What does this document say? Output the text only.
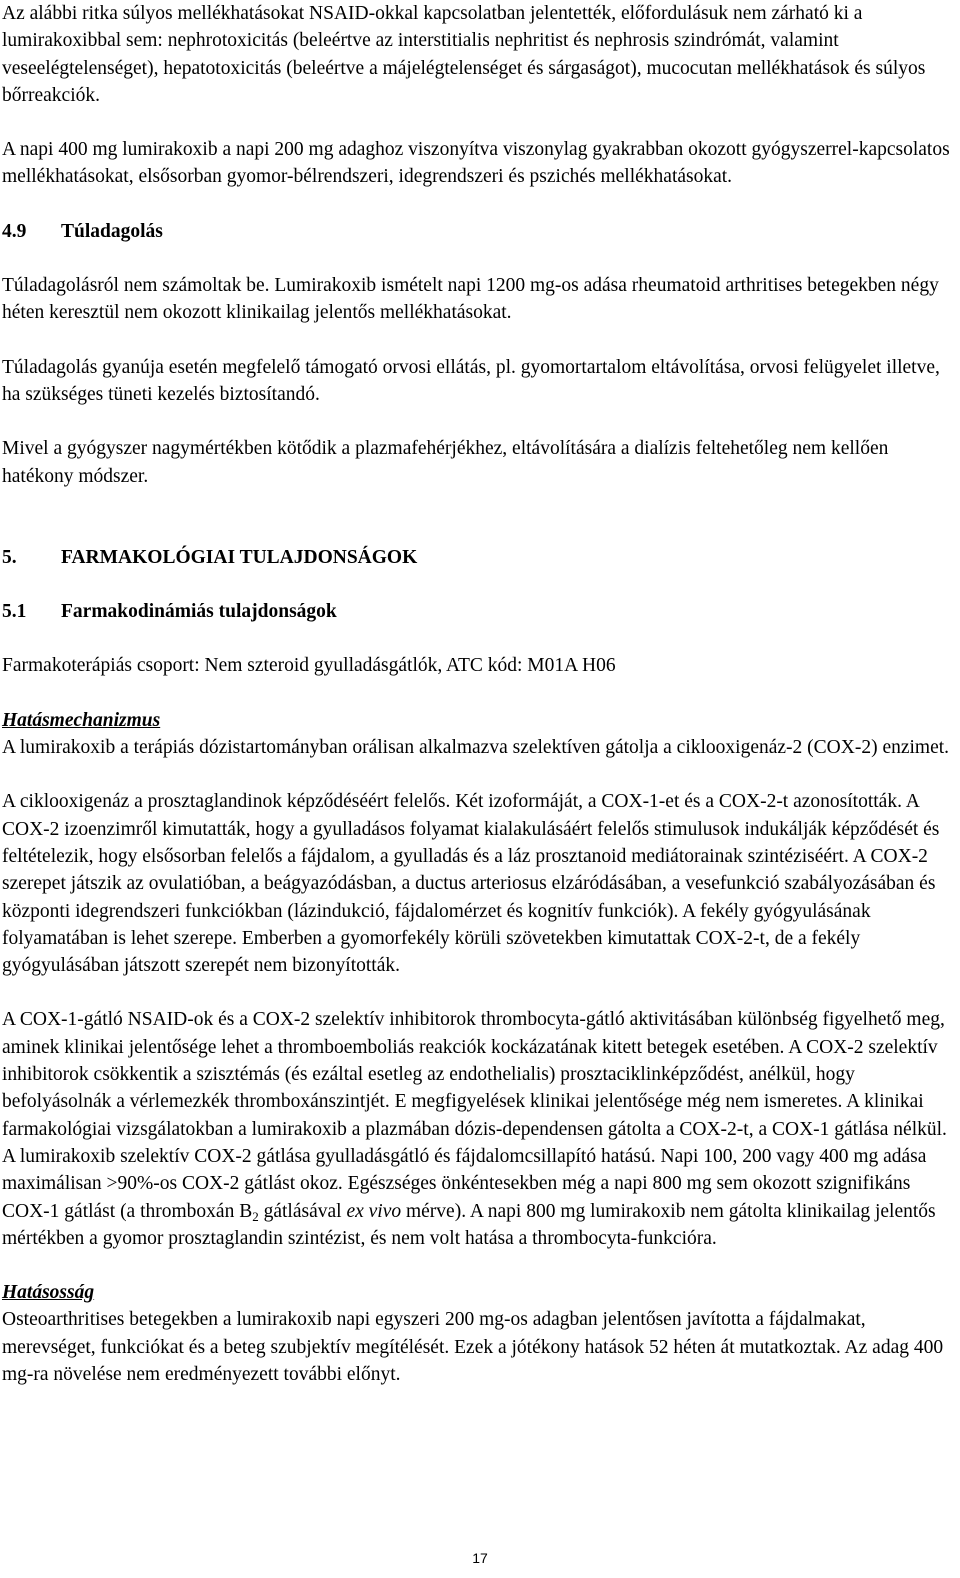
Az alábbi ritka súlyos mellékhatásokat NSAID-okkal kapcsolatban jelentették, előfordulásuk nem zárható ki a lumirakoxibbal sem: nephrotoxicitás (beleértve az interstitialis nephritist és nephrosis szindrómát, valamint veseelégtelenséget), hepatotoxicitás (beleértve a májelégtelenséget és sárgaságot), mucocutan mellékhatások és súlyos bőrreakciók.

A napi 400 mg lumirakoxib a napi 200 mg adaghoz viszonyítva viszonylag gyakrabban okozott gyógyszerrel-kapcsolatos mellékhatásokat, elsősorban gyomor-bélrendszeri, idegrendszeri és pszichés mellékhatásokat.

4.9 Túladagolás

Túladagolásról nem számoltak be. Lumirakoxib ismételt napi 1200 mg-os adása rheumatoid arthritises betegekben négy héten keresztül nem okozott klinikailag jelentős mellékhatásokat.

Túladagolás gyanúja esetén megfelelő támogató orvosi ellátás, pl. gyomortartalom eltávolítása, orvosi felügyelet illetve, ha szükséges tüneti kezelés biztosítandó.

Mivel a gyógyszer nagymértékben kötődik a plazmafehérjékhez, eltávolítására a dialízis feltehetőleg nem kellően hatékony módszer.

5. FARMAKOLÓGIAI TULAJDONSÁGOK

5.1 Farmakodinámiás tulajdonságok

Farmakoterápiás csoport: Nem szteroid gyulladásgátlók, ATC kód: M01A H06

Hatásmechanizmus

A lumirakoxib a terápiás dózistartományban orálisan alkalmazva szelektíven gátolja a ciklooxigenáz-2 (COX-2) enzimet.

A ciklooxigenáz a prosztaglandinok képződéséért felelős. Két izoformáját, a COX-1-et és a COX-2-t azonosították. A COX-2 izoenzimről kimutatták, hogy a gyulladásos folyamat kialakulásáért felelős stimulusok indukálják képződését és feltételezik, hogy elsősorban felelős a fájdalom, a gyulladás és a láz prosztanoid mediátorainak szintéziséért. A COX-2 szerepet játszik az ovulatióban, a beágyazódásban, a ductus arteriosus elzáródásában, a vesefunkció szabályozásában és központi idegrendszeri funkciókban (lázindukció, fájdalomérzet és kognitív funkciók). A fekély gyógyulásának folyamatában is lehet szerepe. Emberben a gyomorfekély körüli szövetekben kimutattak COX-2-t, de a fekély gyógyulásában játszott szerepét nem bizonyították.

A COX-1-gátló NSAID-ok és a COX-2 szelektív inhibitorok thrombocyta-gátló aktivitásában különbség figyelhető meg, aminek klinikai jelentősége lehet a thromboemboliás reakciók kockázatának kitett betegek esetében. A COX-2 szelektív inhibitorok csökkentik a szisztémás (és ezáltal esetleg az endothelialis) prosztaciklinképződést, anélkül, hogy befolyásolnák a vérlemezkék thromboxánszintjét. E megfigyelések klinikai jelentősége még nem ismeretes. A klinikai farmakológiai vizsgálatokban a lumirakoxib a plazmában dózis-dependensen gátolta a COX-2-t, a COX-1 gátlása nélkül. A lumirakoxib szelektív COX-2 gátlása gyulladásgátló és fájdalomcsillapító hatású. Napi 100, 200 vagy 400 mg adása maximálisan >90%-os COX-2 gátlást okoz. Egészséges önkéntesekben még a napi 800 mg sem okozott szignifikáns COX-1 gátlást (a thromboxán $B_2$ gátlásával ex vivo mérve). A napi 800 mg lumirakoxib nem gátolta klinikailag jelentős mértékben a gyomor prosztaglandin szintézist, és nem volt hatása a thrombocyta-funkcióra.

Hatásosság

Osteoarthritises betegekben a lumirakoxib napi egyszeri 200 mg-os adagban jelentősen javította a fájdalmakat, merevséget, funkciókat és a beteg szubjektív megítélését. Ezek a jótékony hatások 52 héten át mutatkoztak. Az adag 400 mg-ra növelése nem eredményezett további előnyt.

17
